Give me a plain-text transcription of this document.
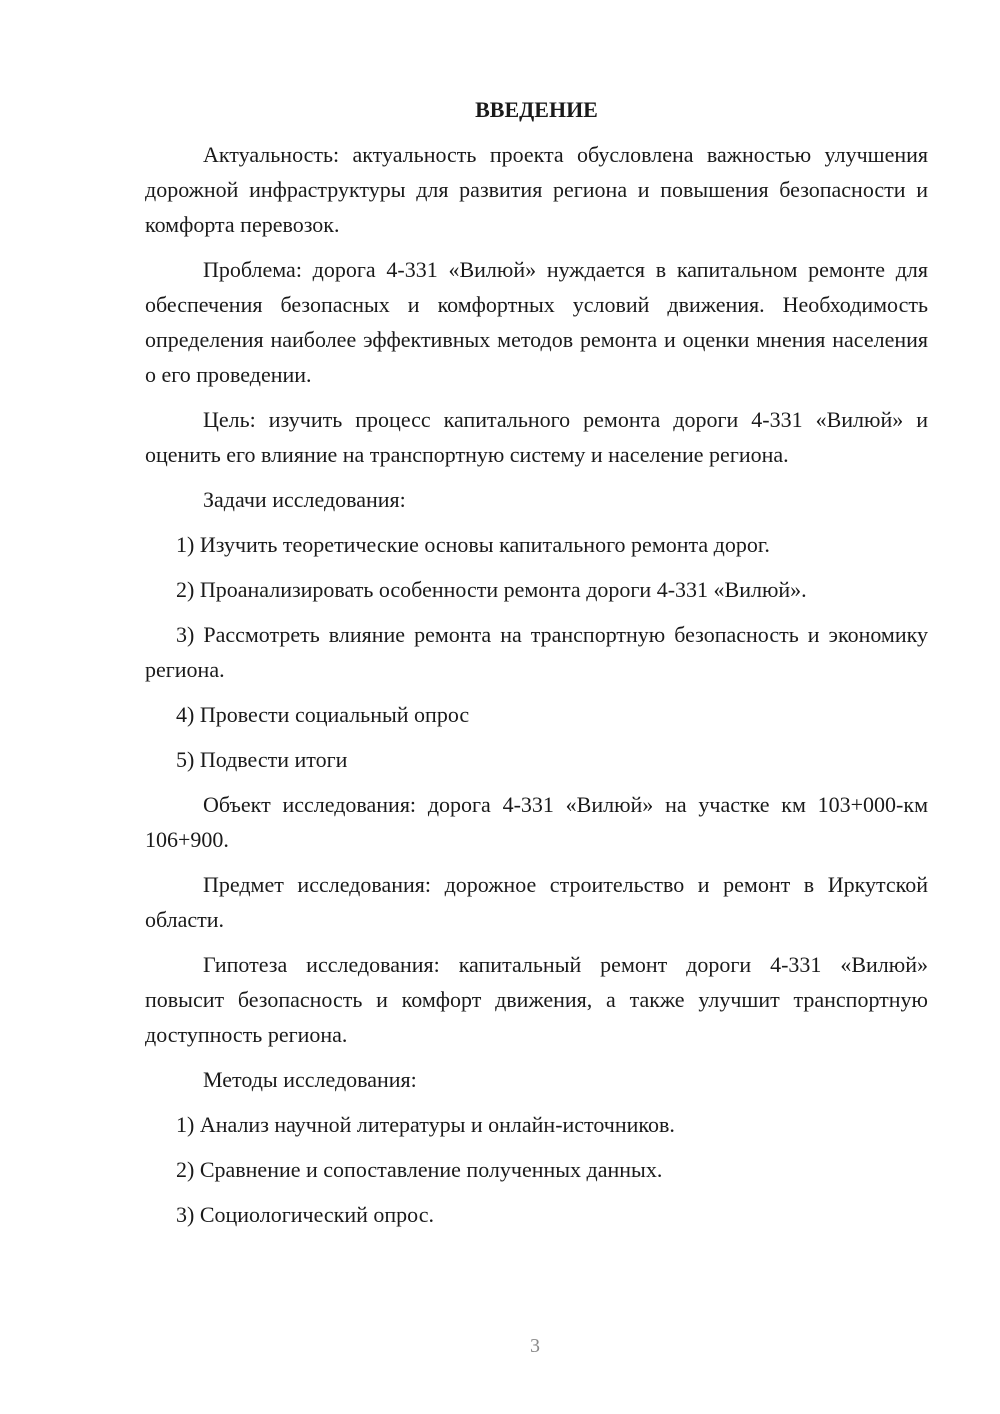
ВВЕДЕНИЕ
Актуальность: актуальность проекта обусловлена важностью улучшения дорожной инфраструктуры для развития региона и повышения безопасности и комфорта перевозок.
Проблема: дорога 4-331 «Вилюй» нуждается в капитальном ремонте для обеспечения безопасных и комфортных условий движения. Необходимость определения наиболее эффективных методов ремонта и оценки мнения населения о его проведении.
Цель: изучить процесс капитального ремонта дороги 4-331 «Вилюй» и оценить его влияние на транспортную систему и население региона.
Задачи исследования:
1) Изучить теоретические основы капитального ремонта дорог.
2) Проанализировать особенности ремонта дороги 4-331 «Вилюй».
3) Рассмотреть влияние ремонта на транспортную безопасность и экономику региона.
4) Провести социальный опрос
5) Подвести итоги
Объект исследования: дорога 4-331 «Вилюй» на участке км 103+000-км 106+900.
Предмет исследования: дорожное строительство и ремонт в Иркутской области.
Гипотеза исследования: капитальный ремонт дороги 4-331 «Вилюй» повысит безопасность и комфорт движения, а также улучшит транспортную доступность региона.
Методы исследования:
1) Анализ научной литературы и онлайн-источников.
2) Сравнение и сопоставление полученных данных.
3) Социологический опрос.
3
